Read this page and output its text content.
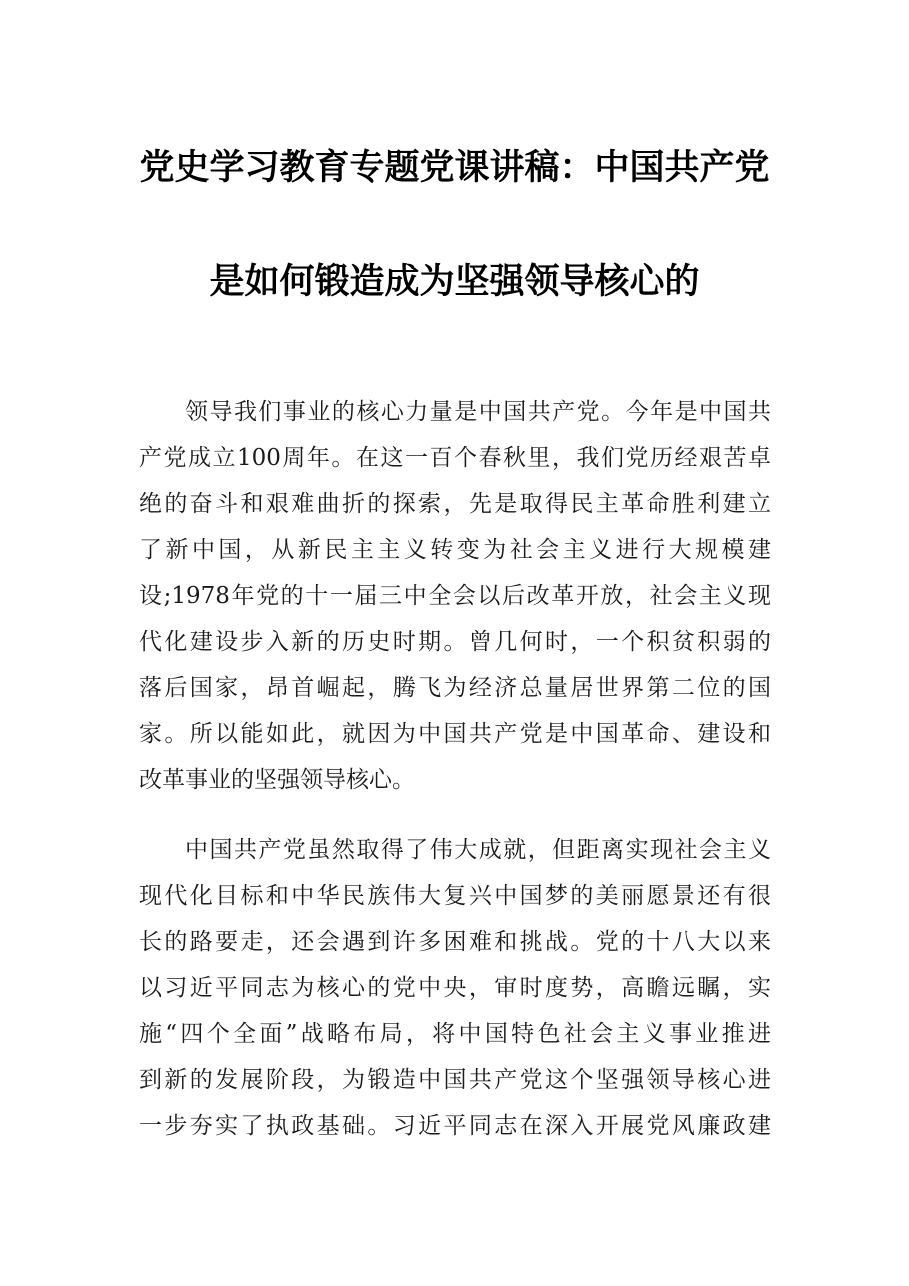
党史学习教育专题党课讲稿：中国共产党
是如何锻造成为坚强领导核心的
领导我们事业的核心力量是中国共产党。今年是中国共
产党成立100周年。在这一百个春秋里，我们党历经艰苦卓
绝的奋斗和艰难曲折的探索，先是取得民主革命胜利建立
了新中国，从新民主主义转变为社会主义进行大规模建
设;1978年党的十一届三中全会以后改革开放，社会主义现
代化建设步入新的历史时期。曾几何时，一个积贫积弱的
落后国家，昂首崛起，腾飞为经济总量居世界第二位的国
家。所以能如此，就因为中国共产党是中国革命、建设和
改革事业的坚强领导核心。
中国共产党虽然取得了伟大成就，但距离实现社会主义
现代化目标和中华民族伟大复兴中国梦的美丽愿景还有很
长的路要走，还会遇到许多困难和挑战。党的十八大以来
以习近平同志为核心的党中央，审时度势，高瞻远瞩，实
施“四个全面”战略布局，将中国特色社会主义事业推进
到新的发展阶段，为锻造中国共产党这个坚强领导核心进
一步夯实了执政基础。习近平同志在深入开展党风廉政建
